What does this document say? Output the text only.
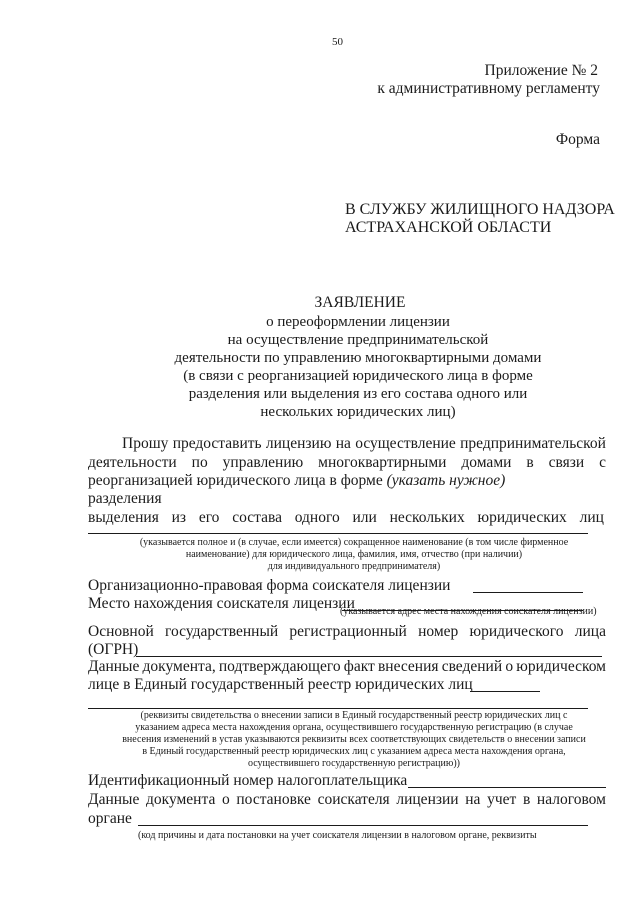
50
Приложение № 2
к административному регламенту
Форма
В СЛУЖБУ ЖИЛИЩНОГО НАДЗОРА
АСТРАХАНСКОЙ ОБЛАСТИ
ЗАЯВЛЕНИЕ
о переоформлении лицензии
на осуществление предпринимательской
деятельности по управлению многоквартирными домами
(в связи с реорганизацией юридического лица в форме
разделения или выделения из его состава одного или
нескольких юридических лиц)
Прошу предоставить лицензию на осуществление предпринимательской
деятельности по управлению многоквартирными домами в связи с
реорганизацией юридического лица в форме (указать нужное)
разделения
выделения из его состава одного или нескольких юридических лиц
(указывается полное и (в случае, если имеется) сокращенное наименование (в том числе фирменное
наименование) для юридического лица, фамилия, имя, отчество (при наличии)
для индивидуального предпринимателя)
Организационно-правовая форма соискателя лицензии
Место нахождения соискателя лицензии
(указывается адрес места нахождения соискателя лицензии)
Основной государственный регистрационный номер юридического лица
(ОГРН)
Данные документа, подтверждающего факт внесения сведений о юридическом
лице в Единый государственный реестр юридических лиц
(реквизиты свидетельства о внесении записи в Единый государственный реестр юридических лиц с
указанием адреса места нахождения органа, осуществившего государственную регистрацию (в случае
внесения изменений в устав указываются реквизиты всех соответствующих свидетельств о внесении записи
в Единый государственный реестр юридических лиц с указанием адреса места нахождения органа,
осуществившего государственную регистрацию))
Идентификационный номер налогоплательщика
Данные документа о постановке соискателя лицензии на учет в налоговом
органе
(код причины и дата постановки на учет соискателя лицензии в налоговом органе, реквизиты
